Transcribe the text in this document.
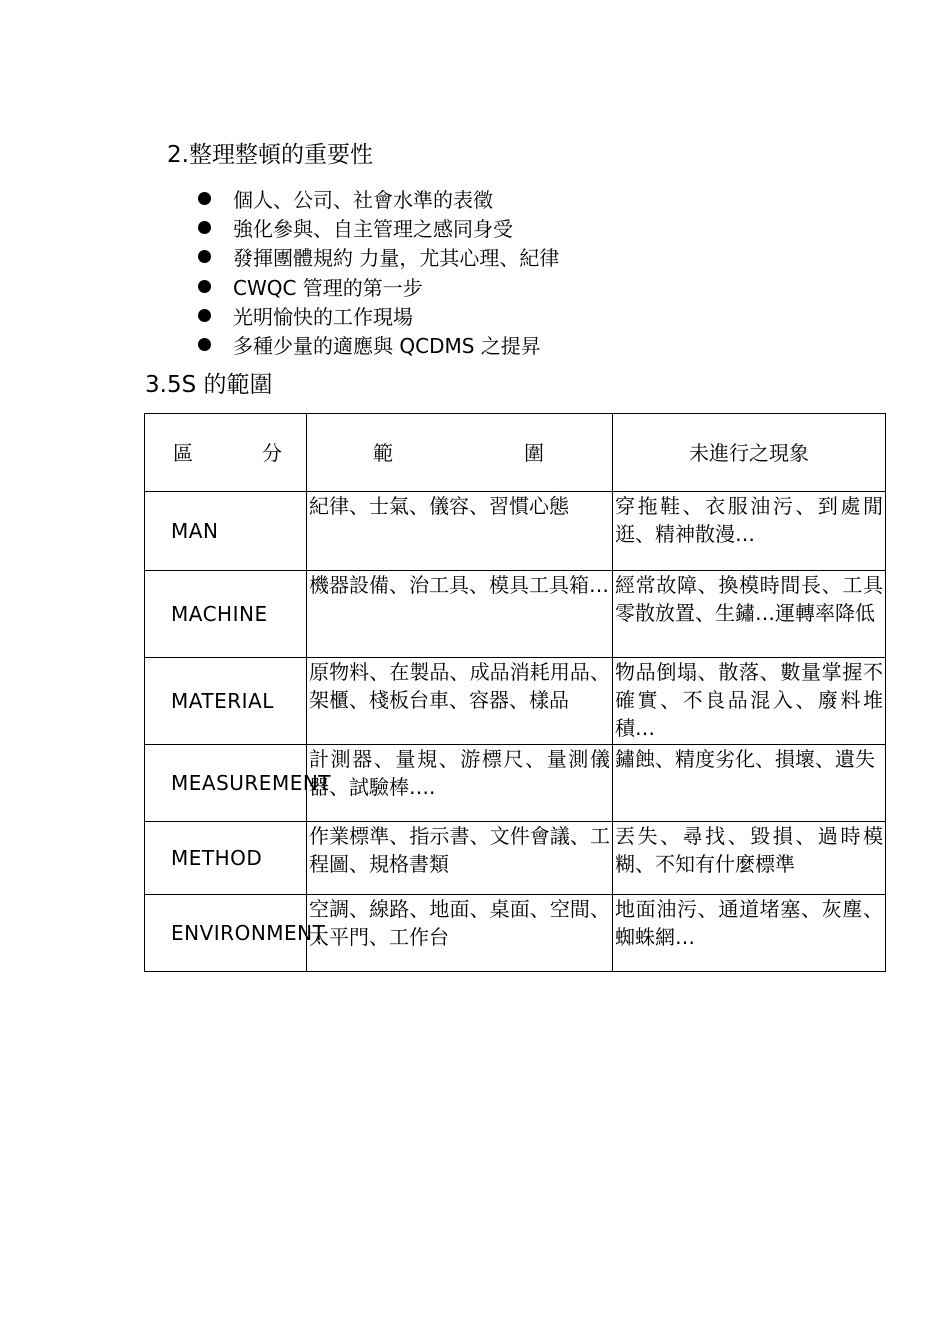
2.整理整頓的重要性
個人、公司、社會水準的表徵
強化參與、自主管理之感同身受
發揮團體規約 力量，尤其心理、紀律
CWQC 管理的第一步
光明愉快的工作現場
多種少量的適應與 QCDMS 之提昇
3.5S 的範圍
區 分	範 圍	未進行之現象
MAN	紀律、士氣、儀容、習慣心態	穿拖鞋、衣服油污、到處閒逛、精神散漫…
MACHINE	機器設備、治工具、模具工具箱…	經常故障、換模時間長、工具零散放置、生鏽…運轉率降低
MATERIAL	原物料、在製品、成品消耗用品、架櫃、棧板台車、容器、樣品	物品倒塌、散落、數量掌握不確實、不良品混入、廢料堆積…
MEASUREMENT	計測器、量規、游標尺、量測儀器、試驗棒….	鏽蝕、精度劣化、損壞、遺失
METHOD	作業標準、指示書、文件會議、工程圖、規格書類	丟失、尋找、毀損、過時模糊、不知有什麼標準
ENVIRONMENT	空調、線路、地面、桌面、空間、太平門、工作台	地面油污、通道堵塞、灰塵、蜘蛛網…
